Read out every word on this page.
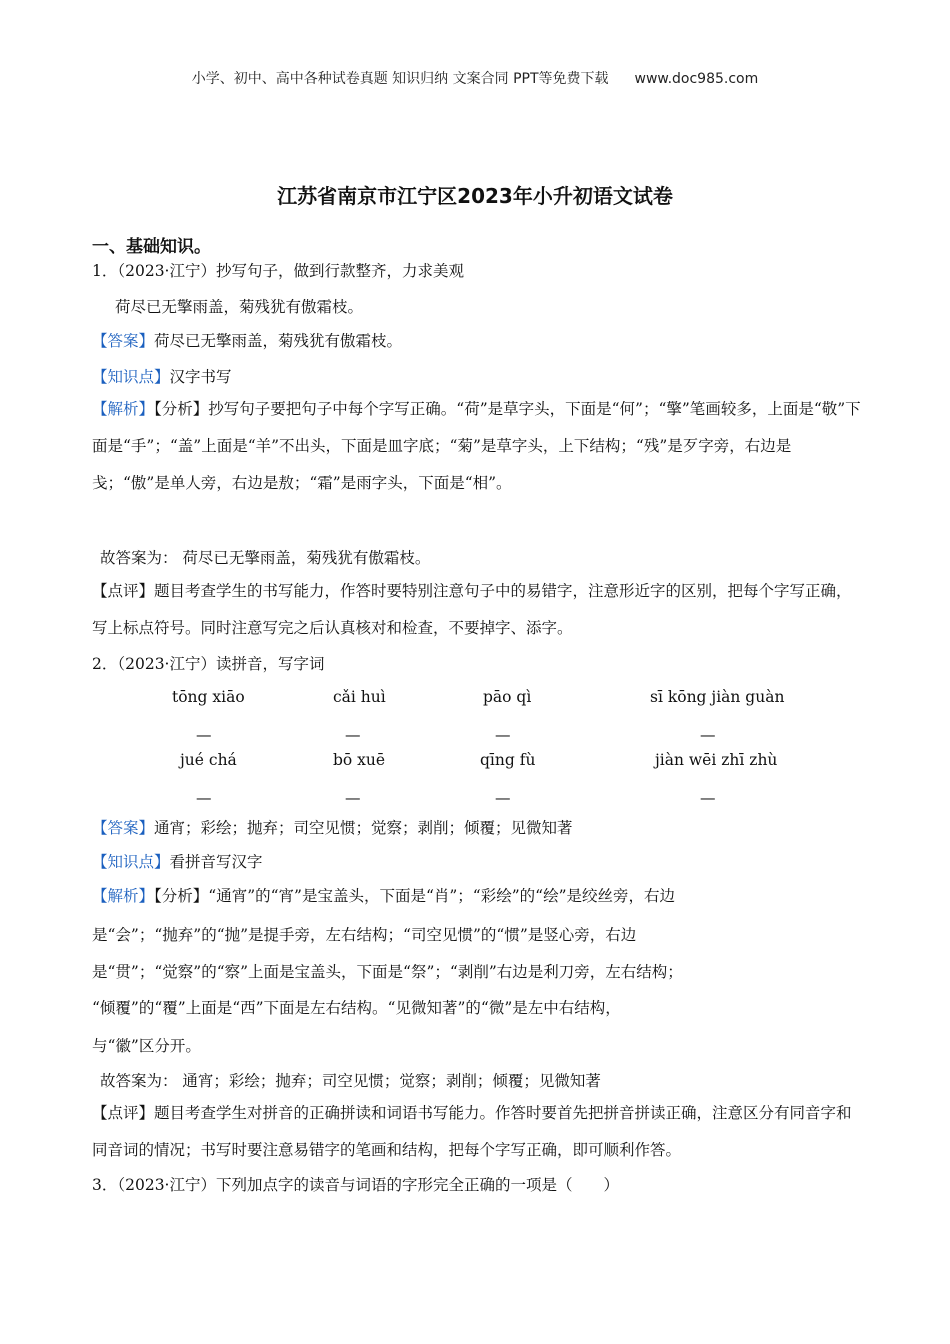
小学、初中、高中各种试卷真题 知识归纳 文案合同 PPT等免费下载 www.doc985.com
江苏省南京市江宁区2023年小升初语文试卷
一、基础知识。
1．（2023·江宁）抄写句子，做到行款整齐，力求美观
荷尽已无擎雨盖，菊残犹有傲霜枝。
【答案】荷尽已无擎雨盖，菊残犹有傲霜枝。
【知识点】汉字书写
【解析】【分析】抄写句子要把句子中每个字写正确。“荷”是草字头，下面是“何”；“擎”笔画较多，上面是“敬”下面是“手”；“盖”上面是“羊”不出头，下面是皿字底；“菊”是草字头，上下结构；“残”是歹字旁，右边是戋；“傲”是单人旁，右边是敖；“霜”是雨字头，下面是“相”。
故答案为： 荷尽已无擎雨盖，菊残犹有傲霜枝。
【点评】题目考查学生的书写能力，作答时要特别注意句子中的易错字，注意形近字的区别，把每个字写正确，写上标点符号。同时注意写完之后认真核对和检查，不要掉字、添字。
2．（2023·江宁）读拼音，写字词
tōng xiāo	cǎi huì	pāo qì	sī kōng jiàn guàn
—	—	—	—
jué chá	bō xuē	qīng fù	jiàn wēi zhī zhù
—	—	—	—
【答案】通宵；彩绘；抛弃；司空见惯；觉察；剥削；倾覆；见微知著
【知识点】看拼音写汉字
【解析】【分析】“通宵”的“宵”是宝盖头，下面是“肖”；“彩绘”的“绘”是绞丝旁，右边
是“会”；“抛弃”的“抛”是提手旁，左右结构；“司空见惯”的“惯”是竖心旁，右边
是“贯”；“觉察”的“察”上面是宝盖头，下面是“祭”；“剥削”右边是利刀旁，左右结构；
“倾覆”的“覆”上面是“西”下面是左右结构。“见微知著”的“微”是左中右结构，
与“徽”区分开。
故答案为： 通宵；彩绘；抛弃；司空见惯；觉察；剥削；倾覆；见微知著
【点评】题目考查学生对拼音的正确拼读和词语书写能力。作答时要首先把拼音拼读正确，注意区分有同音字和同音词的情况；书写时要注意易错字的笔画和结构，把每个字写正确，即可顺利作答。
3．（2023·江宁）下列加点字的读音与词语的字形完全正确的一项是（　　）
